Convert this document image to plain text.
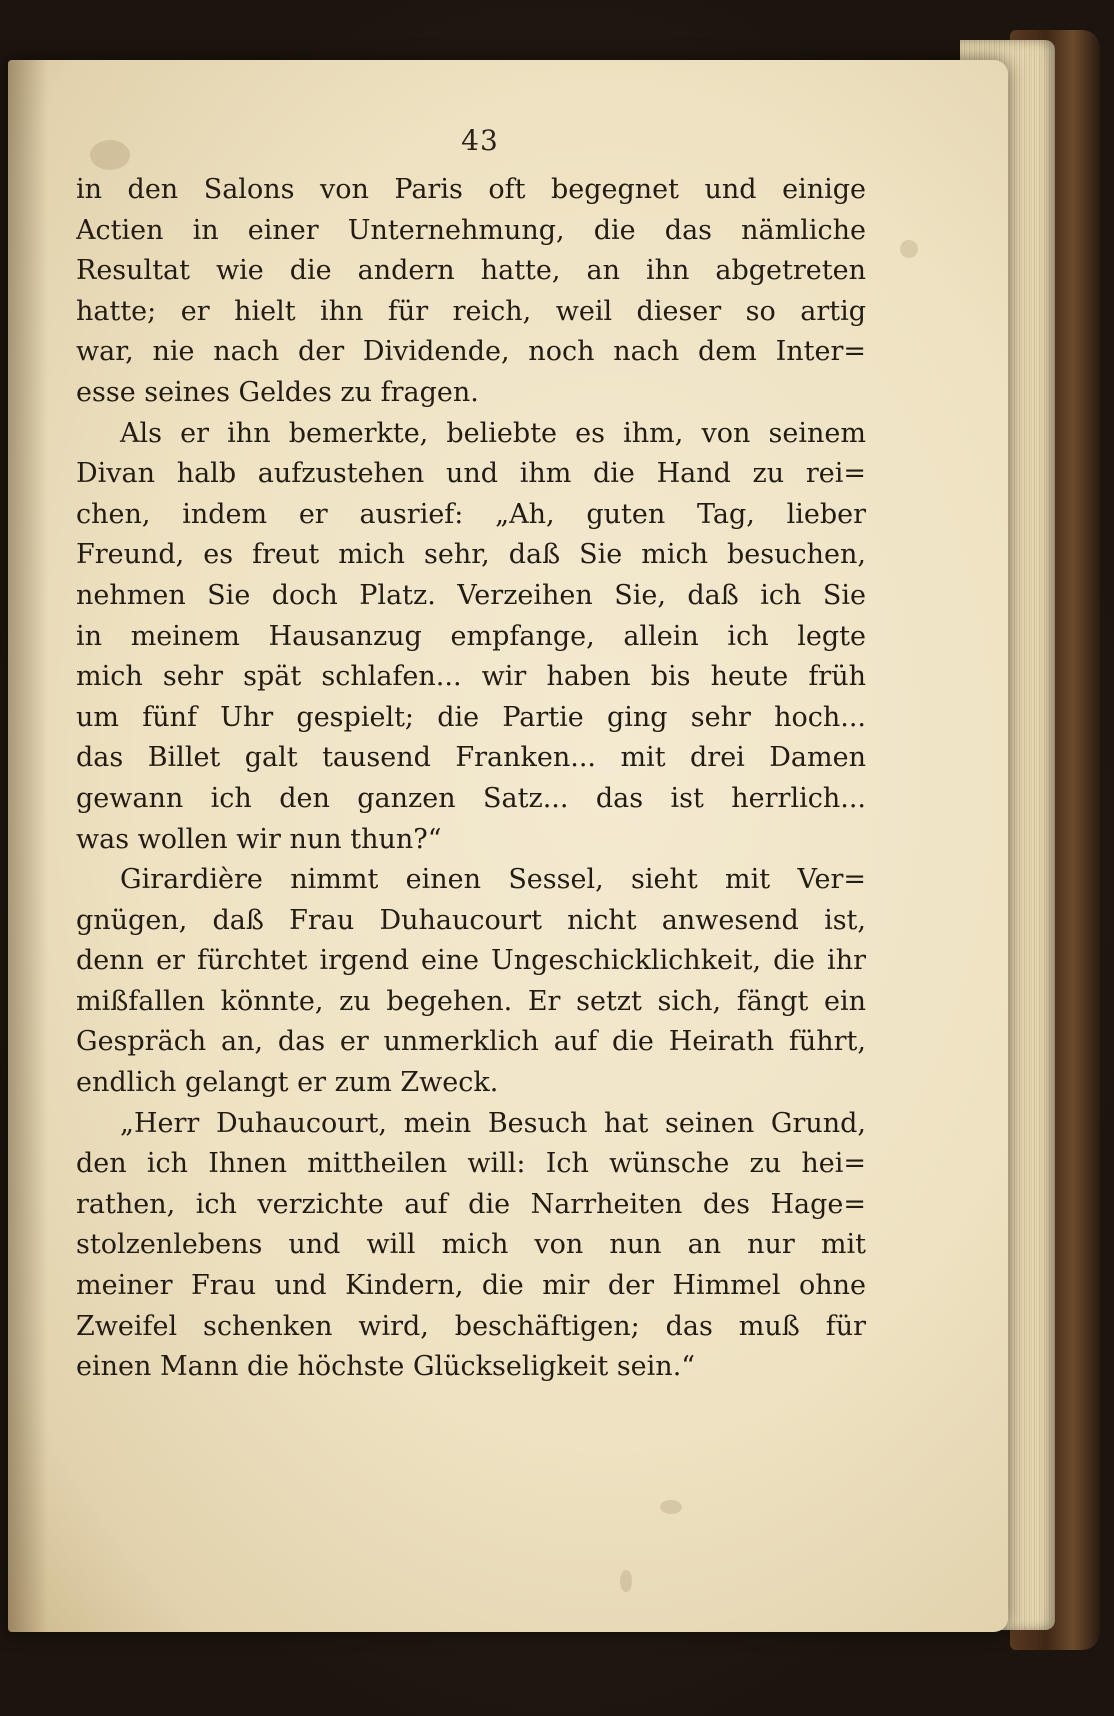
43
in den Salons von Paris oft begegnet und einige
Actien in einer Unternehmung, die das nämliche
Resultat wie die andern hatte, an ihn abgetreten
hatte; er hielt ihn für reich, weil dieser so artig
war, nie nach der Dividende, noch nach dem Inter=
esse seines Geldes zu fragen.
Als er ihn bemerkte, beliebte es ihm, von seinem
Divan halb aufzustehen und ihm die Hand zu rei=
chen, indem er ausrief: „Ah, guten Tag, lieber
Freund, es freut mich sehr, daß Sie mich besuchen,
nehmen Sie doch Platz. Verzeihen Sie, daß ich Sie
in meinem Hausanzug empfange, allein ich legte
mich sehr spät schlafen... wir haben bis heute früh
um fünf Uhr gespielt; die Partie ging sehr hoch...
das Billet galt tausend Franken... mit drei Damen
gewann ich den ganzen Satz... das ist herrlich...
was wollen wir nun thun?“
Girardière nimmt einen Sessel, sieht mit Ver=
gnügen, daß Frau Duhaucourt nicht anwesend ist,
denn er fürchtet irgend eine Ungeschicklichkeit, die ihr
mißfallen könnte, zu begehen. Er setzt sich, fängt ein
Gespräch an, das er unmerklich auf die Heirath führt,
endlich gelangt er zum Zweck.
„Herr Duhaucourt, mein Besuch hat seinen Grund,
den ich Ihnen mittheilen will: Ich wünsche zu hei=
rathen, ich verzichte auf die Narrheiten des Hage=
stolzenlebens und will mich von nun an nur mit
meiner Frau und Kindern, die mir der Himmel ohne
Zweifel schenken wird, beschäftigen; das muß für
einen Mann die höchste Glückseligkeit sein.“
